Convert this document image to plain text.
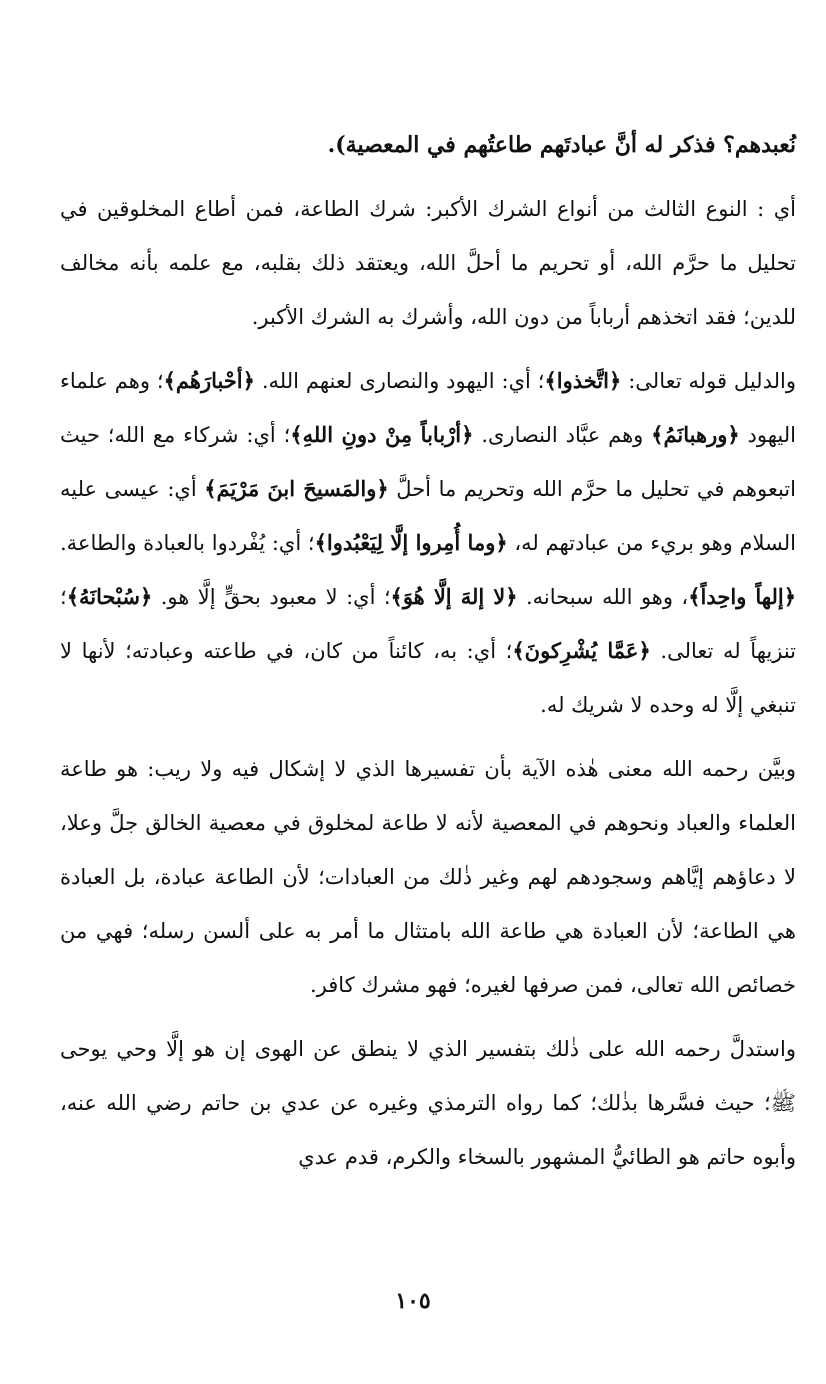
نُعبدهم؟ فذكر له أنَّ عبادتَهم طاعتُهم في المعصية).

أي : النوع الثالث من أنواع الشرك الأكبر: شرك الطاعة، فمن أطاع المخلوقين في تحليل ما حرَّم الله، أو تحريم ما أحلَّ الله، ويعتقد ذلك بقلبه، مع علمه بأنه مخالف للدين؛ فقد اتخذهم أرباباً من دون الله، وأشرك به الشرك الأكبر.

والدليل قوله تعالى: ﴿اتَّخذوا﴾؛ أي: اليهود والنصارى لعنهم الله. ﴿أحْبارَهُم﴾؛ وهم علماء اليهود ﴿ورهبانَمُ﴾ وهم عبَّاد النصارى. ﴿أرْباباً مِنْ دونِ اللهِ﴾؛ أي: شركاء مع الله؛ حيث اتبعوهم في تحليل ما حرَّم الله وتحريم ما أحلَّ ﴿والمَسيحَ ابنَ مَرْيَمَ﴾ أي: عيسى عليه السلام وهو بريء من عبادتهم له، ﴿وما أُمِروا إلَّا لِيَعْبُدوا﴾؛ أي: يُفْردوا بالعبادة والطاعة. ﴿إلهاً واحِداً﴾، وهو الله سبحانه. ﴿لا إلهَ إلَّا هُوَ﴾؛ أي: لا معبود بحقٍّ إلَّا هو. ﴿سُبْحانَهُ﴾؛ تنزيهاً له تعالى. ﴿عَمَّا يُشْرِكونَ﴾؛ أي: به، كائناً من كان، في طاعته وعبادته؛ لأنها لا تنبغي إلَّا له وحده لا شريك له.

وبيَّن رحمه الله معنى هٰذه الآية بأن تفسيرها الذي لا إشكال فيه ولا ريب: هو طاعة العلماء والعباد ونحوهم في المعصية لأنه لا طاعة لمخلوق في معصية الخالق جلَّ وعلا، لا دعاؤهم إيَّاهم وسجودهم لهم وغير ذٰلك من العبادات؛ لأن الطاعة عبادة، بل العبادة هي الطاعة؛ لأن العبادة هي طاعة الله بامتثال ما أمر به على ألسن رسله؛ فهي من خصائص الله تعالى، فمن صرفها لغيره؛ فهو مشرك كافر.

واستدلَّ رحمه الله على ذٰلك بتفسير الذي لا ينطق عن الهوى إن هو إلَّا وحي يوحى ﷺ؛ حيث فسَّرها بذٰلك؛ كما رواه الترمذي وغيره عن عدي بن حاتم رضي الله عنه، وأبوه حاتم هو الطائيُّ المشهور بالسخاء والكرم، قدم عدي

١٠٥
